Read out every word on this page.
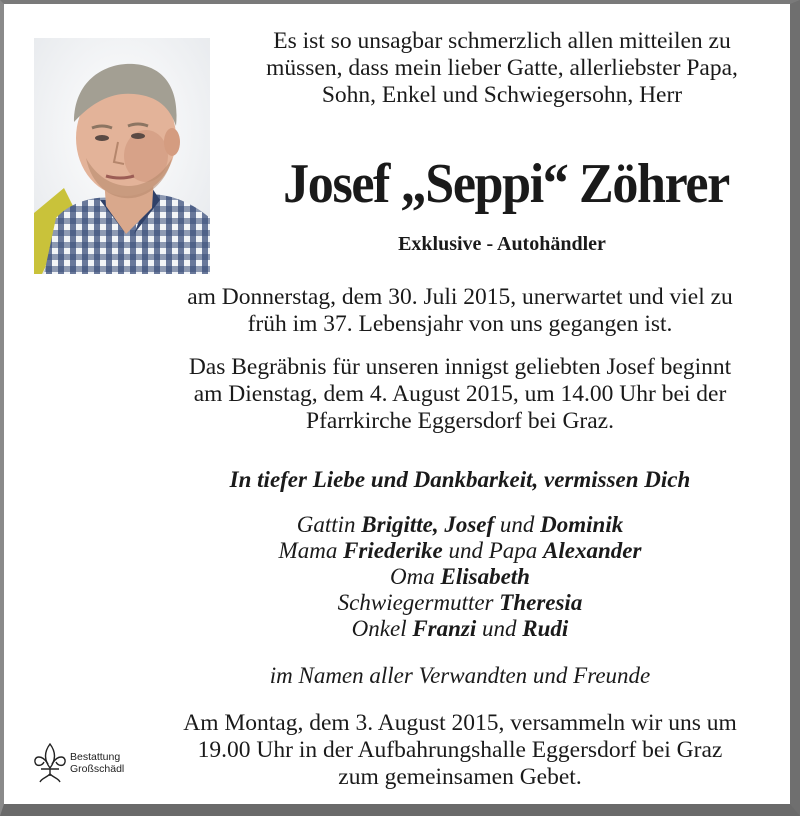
Es ist so unsagbar schmerzlich allen mitteilen zu
müssen, dass mein lieber Gatte, allerliebster Papa,
Sohn, Enkel und Schwiegersohn, Herr
Josef „Seppi“ Zöhrer
Exklusive - Autohändler
am Donnerstag, dem 30. Juli 2015, unerwartet und viel zu
früh im 37. Lebensjahr von uns gegangen ist.
Das Begräbnis für unseren innigst geliebten Josef beginnt
am Dienstag, dem 4. August 2015, um 14.00 Uhr bei der
Pfarrkirche Eggersdorf bei Graz.
In tiefer Liebe und Dankbarkeit, vermissen Dich
Gattin Brigitte, Josef und Dominik
Mama Friederike und Papa Alexander
Oma Elisabeth
Schwiegermutter Theresia
Onkel Franzi und Rudi
im Namen aller Verwandten und Freunde
Am Montag, dem 3. August 2015, versammeln wir uns um
19.00 Uhr in der Aufbahrungshalle Eggersdorf bei Graz
zum gemeinsamen Gebet.
Bestattung
Großschädl
